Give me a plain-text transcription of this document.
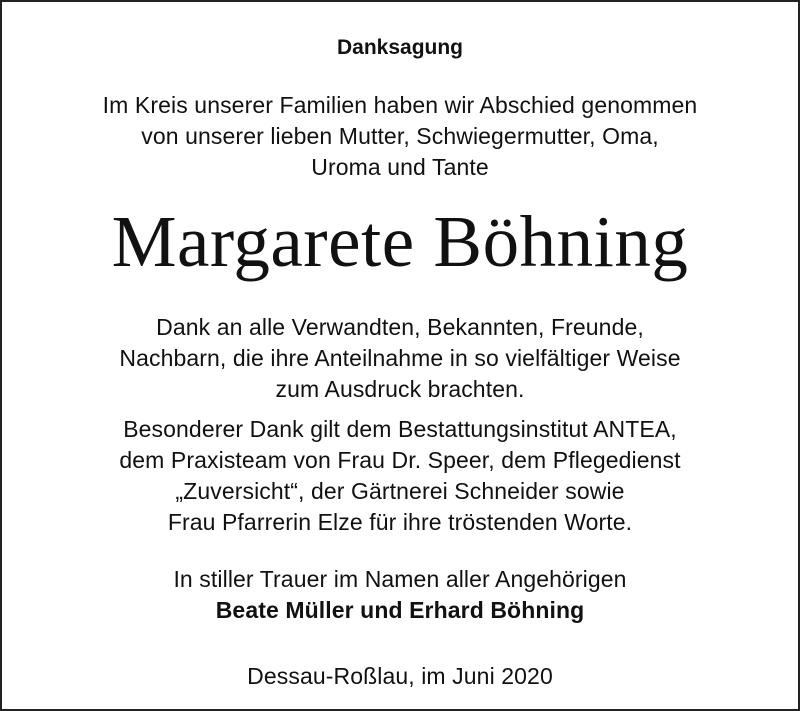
Danksagung
Im Kreis unserer Familien haben wir Abschied genommen
von unserer lieben Mutter, Schwiegermutter, Oma,
Uroma und Tante
Margarete Böhning
Dank an alle Verwandten, Bekannten, Freunde,
Nachbarn, die ihre Anteilnahme in so vielfältiger Weise
zum Ausdruck brachten.
Besonderer Dank gilt dem Bestattungsinstitut ANTEA,
dem Praxisteam von Frau Dr. Speer, dem Pflegedienst
„Zuversicht“, der Gärtnerei Schneider sowie
Frau Pfarrerin Elze für ihre tröstenden Worte.
In stiller Trauer im Namen aller Angehörigen
Beate Müller und Erhard Böhning
Dessau-Roßlau, im Juni 2020
